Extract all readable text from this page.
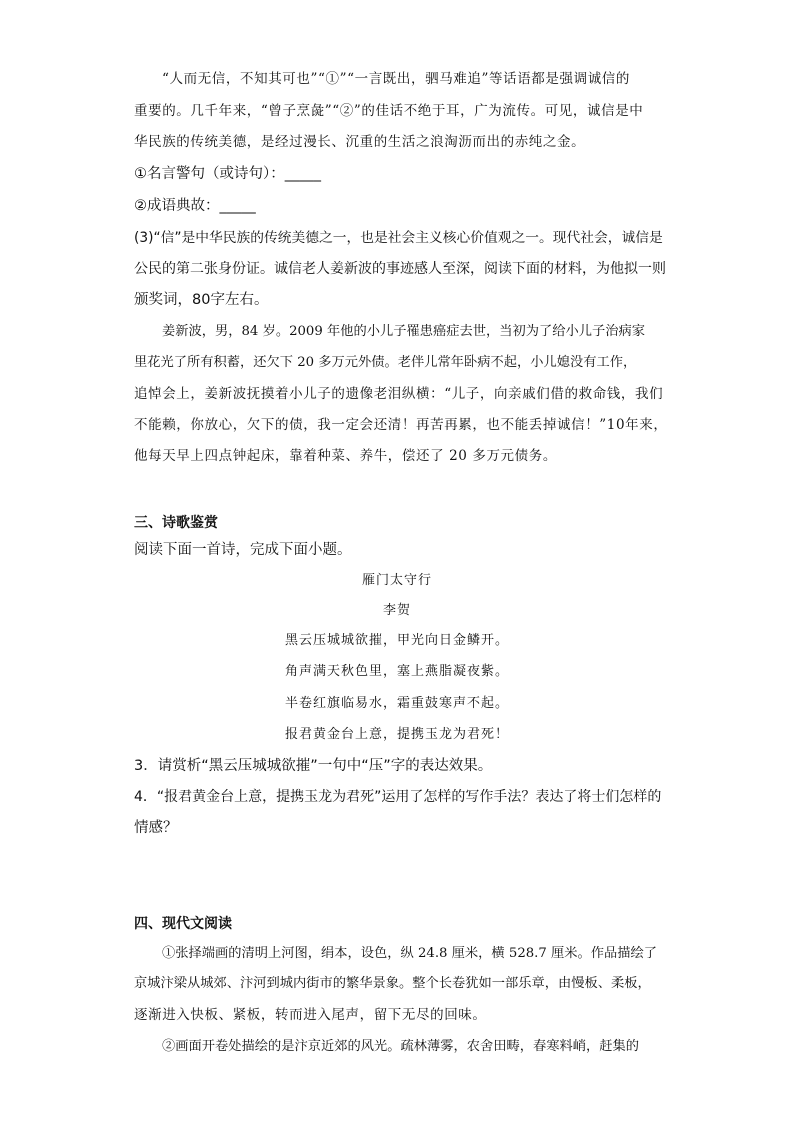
“人而无信，不知其可也”“①”“一言既出，驷马难追”等话语都是强调诚信的
重要的。几千年来，“曾子烹彘”“②”的佳话不绝于耳，广为流传。可见，诚信是中
华民族的传统美德，是经过漫长、沉重的生活之浪淘沥而出的赤纯之金。
①名言警句（或诗句）：_____
②成语典故：_____
(3)“信”是中华民族的传统美德之一，也是社会主义核心价值观之一。现代社会，诚信是
公民的第二张身份证。诚信老人姜新波的事迹感人至深，阅读下面的材料，为他拟一则
颁奖词，80字左右。
姜新波，男，84 岁。2009 年他的小儿子罹患癌症去世，当初为了给小儿子治病家
里花光了所有积蓄，还欠下 20 多万元外债。老伴儿常年卧病不起，小儿媳没有工作，
追悼会上，姜新波抚摸着小儿子的遗像老泪纵横：“儿子，向亲戚们借的救命钱，我们
不能赖，你放心，欠下的债，我一定会还清！再苦再累，也不能丢掉诚信！”10年来，
他每天早上四点钟起床，靠着种菜、养牛，偿还了 20 多万元债务。
三、诗歌鉴赏
阅读下面一首诗，完成下面小题。
雁门太守行
李贺
黑云压城城欲摧，甲光向日金鳞开。
角声满天秋色里，塞上燕脂凝夜紫。
半卷红旗临易水，霜重鼓寒声不起。
报君黄金台上意，提携玉龙为君死！
3．请赏析“黑云压城城欲摧”一句中“压”字的表达效果。
4．“报君黄金台上意，提携玉龙为君死”运用了怎样的写作手法？表达了将士们怎样的
情感？
四、现代文阅读
①张择端画的清明上河图，绢本，设色，纵 24.8 厘米，横 528.7 厘米。作品描绘了
京城汴梁从城郊、汴河到城内街市的繁华景象。整个长卷犹如一部乐章，由慢板、柔板，
逐渐进入快板、紧板，转而进入尾声，留下无尽的回味。
②画面开卷处描绘的是汴京近郊的风光。疏林薄雾，农舍田畴，春寒料峭，赶集的
